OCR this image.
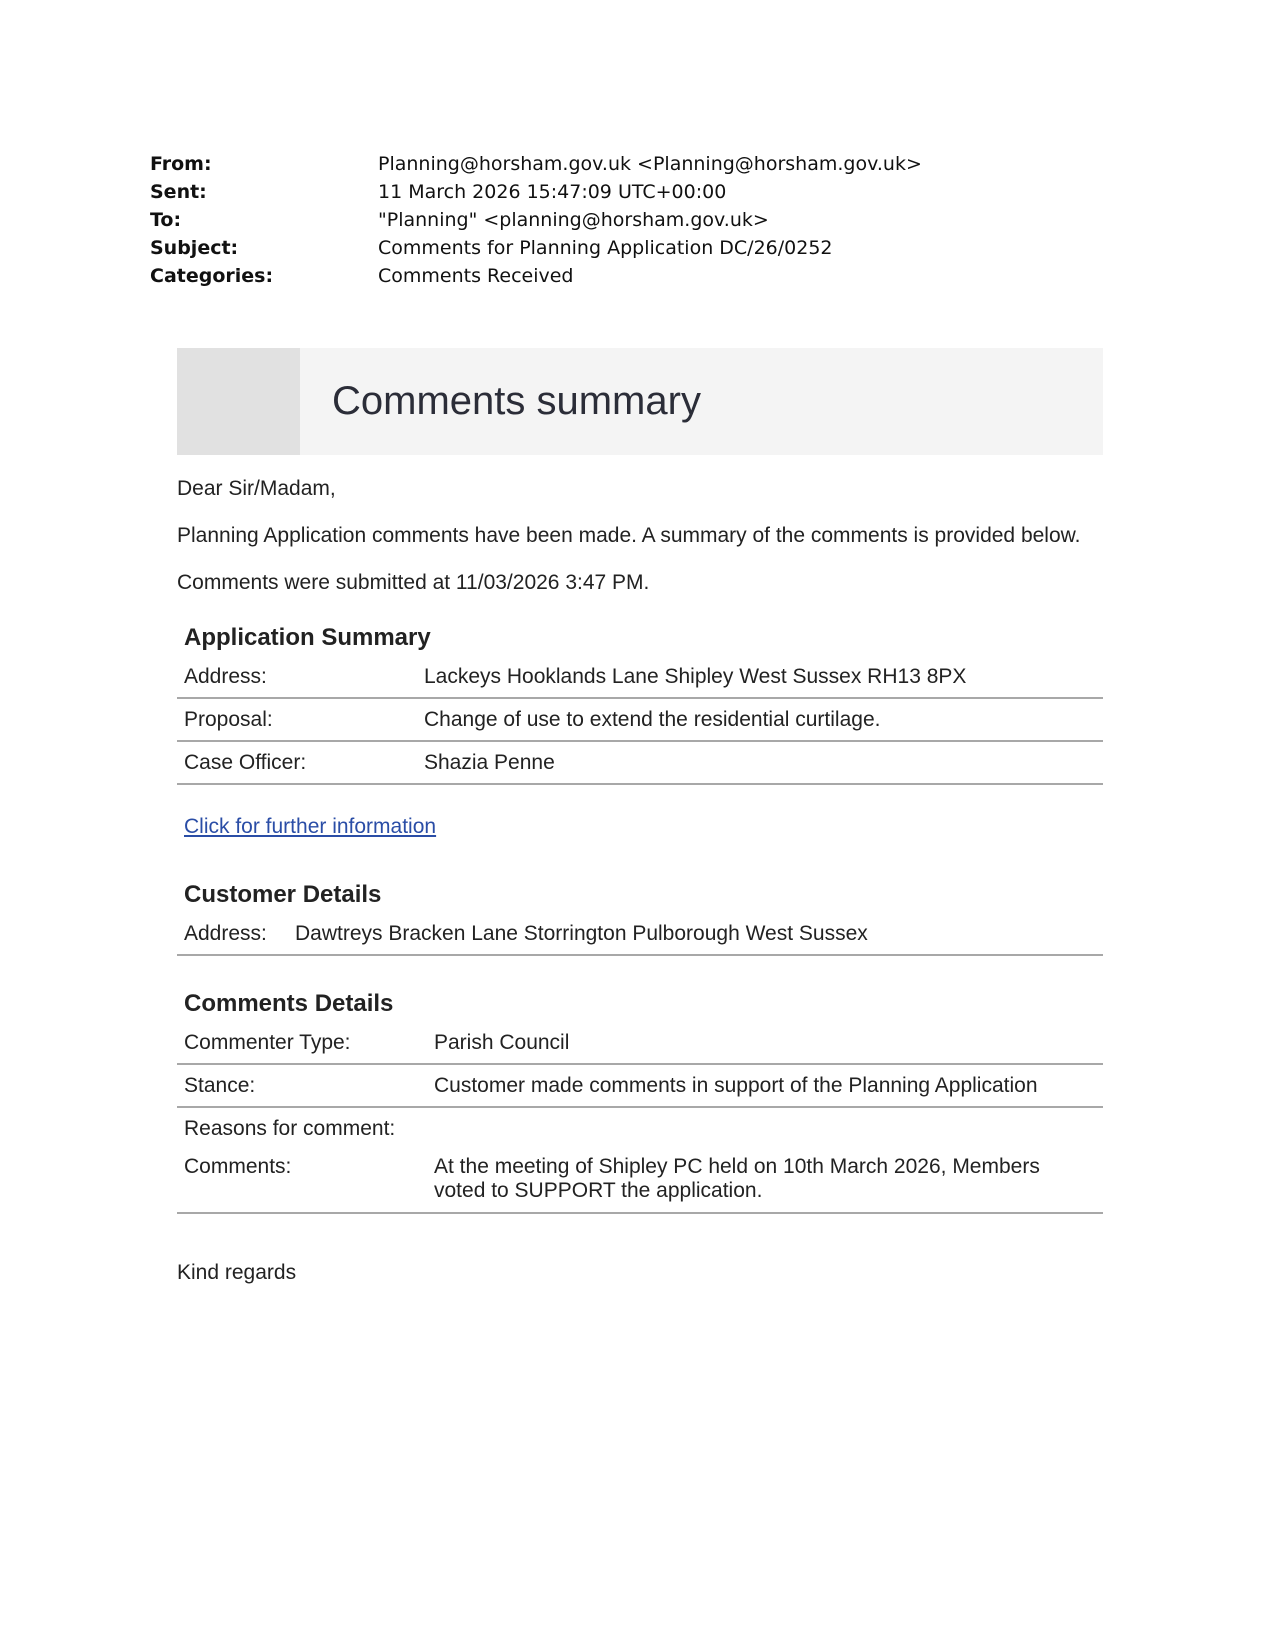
From:	Planning@horsham.gov.uk <Planning@horsham.gov.uk>
Sent:	11 March 2026 15:47:09 UTC+00:00
To:	"Planning" <planning@horsham.gov.uk>
Subject:	Comments for Planning Application DC/26/0252
Categories:	Comments Received
Comments summary

Dear Sir/Madam,

Planning Application comments have been made. A summary of the comments is provided below.

Comments were submitted at 11/03/2026 3:47 PM.

Application Summary
Address:	Lackeys Hooklands Lane Shipley West Sussex RH13 8PX
Proposal:	Change of use to extend the residential curtilage.
Case Officer:	Shazia Penne
Click for further information
Customer Details
Address:	Dawtreys Bracken Lane Storrington Pulborough West Sussex
Comments Details
Commenter Type:	Parish Council
Stance:	Customer made comments in support of the Planning Application
Reasons for comment:	
Comments:	At the meeting of Shipley PC held on 10th March 2026, Members voted to SUPPORT the application.

Kind regards
